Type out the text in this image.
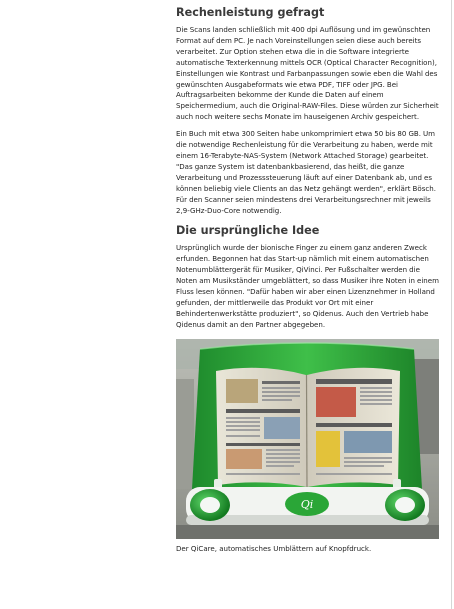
Rechenleistung gefragt

Die Scans landen schließlich mit 400 dpi Auflösung und im gewünschten Format auf dem PC. Je nach Voreinstellungen seien diese auch bereits verarbeitet. Zur Option stehen etwa die in die Software integrierte automatische Texterkennung mittels OCR (Optical Character Recognition), Einstellungen wie Kontrast und Farbanpassungen sowie eben die Wahl des gewünschten Ausgabeformats wie etwa PDF, TIFF oder JPG. Bei Auftragsarbeiten bekomme der Kunde die Daten auf einem Speichermedium, auch die Original-RAW-Files. Diese würden zur Sicherheit auch noch weitere sechs Monate im hauseigenen Archiv gespeichert.

Ein Buch mit etwa 300 Seiten habe unkomprimiert etwa 50 bis 80 GB. Um die notwendige Rechenleistung für die Verarbeitung zu haben, werde mit einem 16-Terabyte-NAS-System (Network Attached Storage) gearbeitet. "Das ganze System ist datenbankbasierend, das heißt, die ganze Verarbeitung und Prozesssteuerung läuft auf einer Datenbank ab, und es können beliebig viele Clients an das Netz gehängt werden", erklärt Bösch. Für den Scanner seien mindestens drei Verarbeitungsrechner mit jeweils 2,9-GHz-Duo-Core notwendig.

Die ursprüngliche Idee

Ursprünglich wurde der bionische Finger zu einem ganz anderen Zweck erfunden. Begonnen hat das Start-up nämlich mit einem automatischen Notenumblättergerät für Musiker, QiVinci. Per Fußschalter werden die Noten am Musikständer umgeblättert, so dass Musiker ihre Noten in einem Fluss lesen können. "Dafür haben wir aber einen Lizenznehmer in Holland gefunden, der mittlerweile das Produkt vor Ort mit einer Behindertenwerkstätte produziert", so Qidenus. Auch den Vertrieb habe Qidenus damit an den Partner abgegeben.

Qi
Der QiCare, automatisches Umblättern auf Knopfdruck.
